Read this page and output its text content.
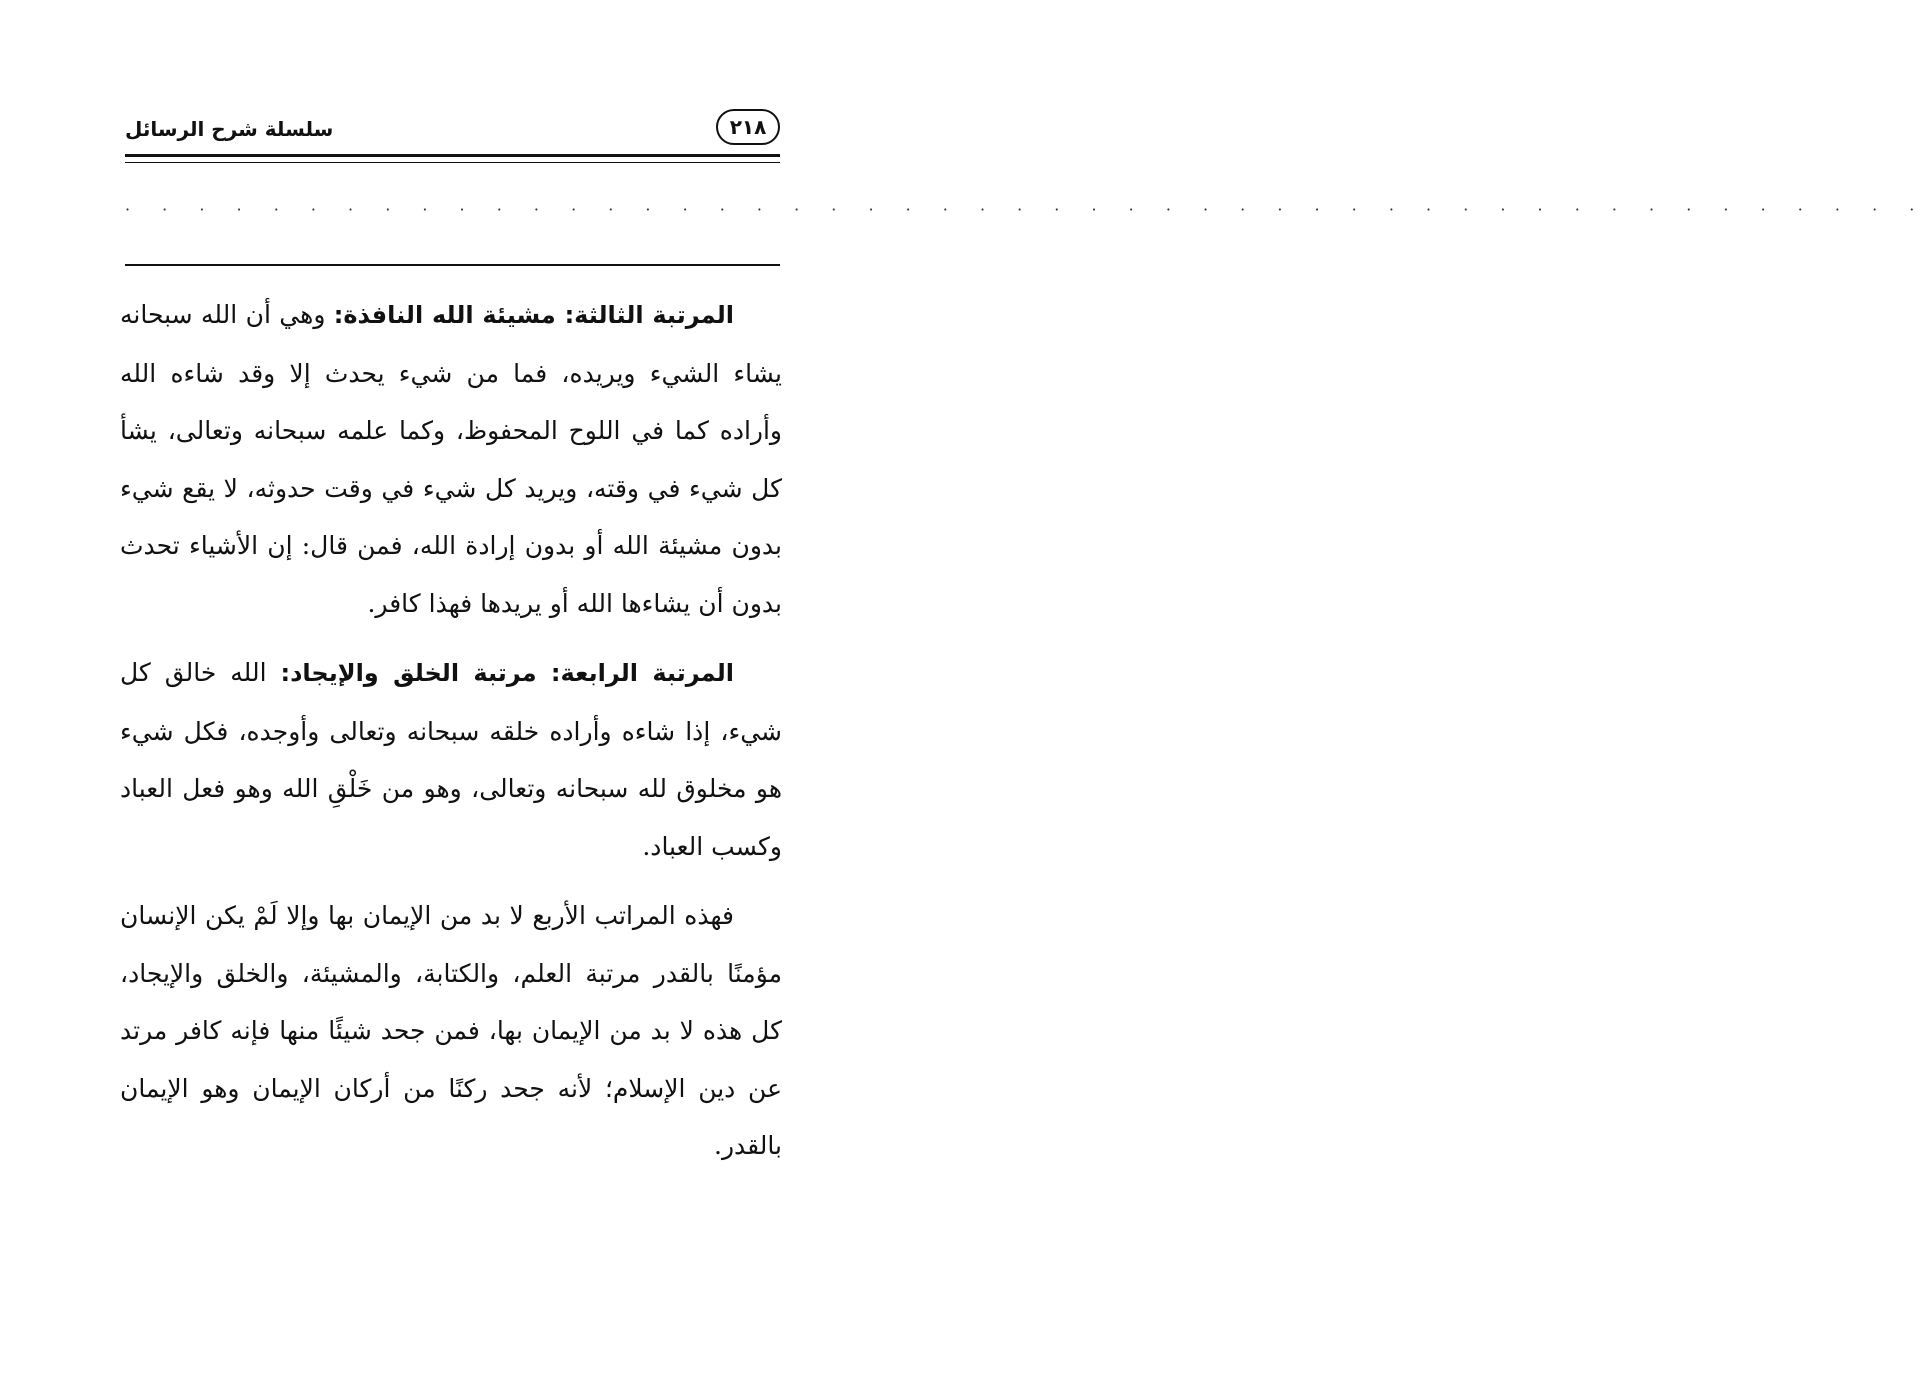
سلسلة شرح الرسائل	٢١٨
· · · · · · · · · · · · · · · · · · · · · · · · · · · · · · · · · · · · · · · · · · · · · · · · ·

المرتبة الثالثة: مشيئة الله النافذة: وهي أن الله سبحانه يشاء الشيء ويريده، فما من شيء يحدث إلا وقد شاءه الله وأراده كما في اللوح المحفوظ، وكما علمه سبحانه وتعالى، يشأ كل شيء في وقته، ويريد كل شيء في وقت حدوثه، لا يقع شيء بدون مشيئة الله أو بدون إرادة الله، فمن قال: إن الأشياء تحدث بدون أن يشاءها الله أو يريدها فهذا كافر.

المرتبة الرابعة: مرتبة الخلق والإيجاد: الله خالق كل شيء، إذا شاءه وأراده خلقه سبحانه وتعالى وأوجده، فكل شيء هو مخلوق لله سبحانه وتعالى، وهو من خَلْقِ الله وهو فعل العباد وكسب العباد.

فهذه المراتب الأربع لا بد من الإيمان بها وإلا لَمْ يكن الإنسان مؤمنًا بالقدر مرتبة العلم، والكتابة، والمشيئة، والخلق والإيجاد، كل هذه لا بد من الإيمان بها، فمن جحد شيئًا منها فإنه كافر مرتد عن دين الإسلام؛ لأنه جحد ركنًا من أركان الإيمان وهو الإيمان بالقدر.
